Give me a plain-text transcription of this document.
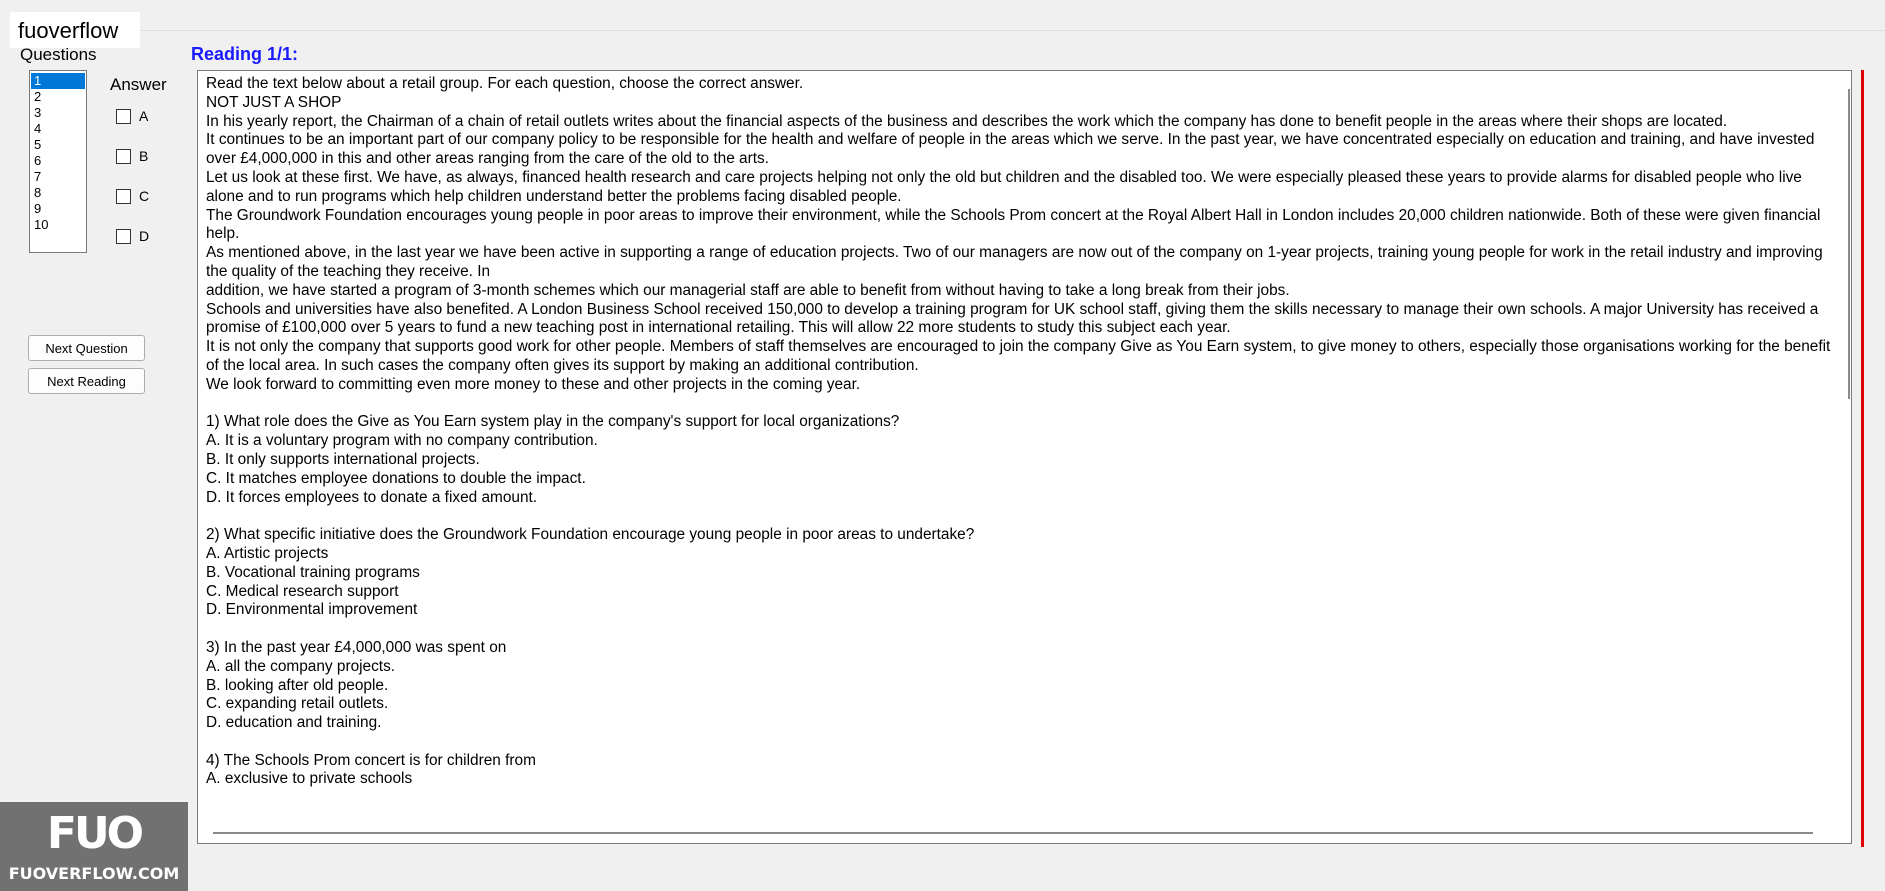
fuoverflow
Questions
1
2
3
4
5
6
7
8
9
10
Answer
A
B
C
D
Next Question
Next Reading
Reading 1/1:

Read the text below about a retail group. For each question, choose the correct answer.

NOT JUST A SHOP

In his yearly report, the Chairman of a chain of retail outlets writes about the financial aspects of the business and describes the work which the company has done to benefit people in the areas where their shops are located.

It continues to be an important part of our company policy to be responsible for the health and welfare of people in the areas which we serve. In the past year, we have concentrated especially on education and training, and have invested over £4,000,000 in this and other areas ranging from the care of the old to the arts.

Let us look at these first. We have, as always, financed health research and care projects helping not only the old but children and the disabled too. We were especially pleased these years to provide alarms for disabled people who live alone and to run programs which help children understand better the problems facing disabled people.

The Groundwork Foundation encourages young people in poor areas to improve their environment, while the Schools Prom concert at the Royal Albert Hall in London includes 20,000 children nationwide. Both of these were given financial help.

As mentioned above, in the last year we have been active in supporting a range of education projects. Two of our managers are now out of the company on 1-year projects, training young people for work in the retail industry and improving the quality of the teaching they receive. In

addition, we have started a program of 3-month schemes which our managerial staff are able to benefit from without having to take a long break from their jobs.

Schools and universities have also benefited. A London Business School received 150,000 to develop a training program for UK school staff, giving them the skills necessary to manage their own schools. A major University has received a promise of £100,000 over 5 years to fund a new teaching post in international retailing. This will allow 22 more students to study this subject each year.

It is not only the company that supports good work for other people. Members of staff themselves are encouraged to join the company Give as You Earn system, to give money to others, especially those organisations working for the benefit of the local area. In such cases the company often gives its support by making an additional contribution.

We look forward to committing even more money to these and other projects in the coming year.

1) What role does the Give as You Earn system play in the company's support for local organizations?

A. It is a voluntary program with no company contribution.

B. It only supports international projects.

C. It matches employee donations to double the impact.

D. It forces employees to donate a fixed amount.

2) What specific initiative does the Groundwork Foundation encourage young people in poor areas to undertake?

A. Artistic projects

B. Vocational training programs

C. Medical research support

D. Environmental improvement

3) In the past year £4,000,000 was spent on

A. all the company projects.

B. looking after old people.

C. expanding retail outlets.

D. education and training.

4) The Schools Prom concert is for children from

A. exclusive to private schools

FUO
FUOVERFLOW.COM
